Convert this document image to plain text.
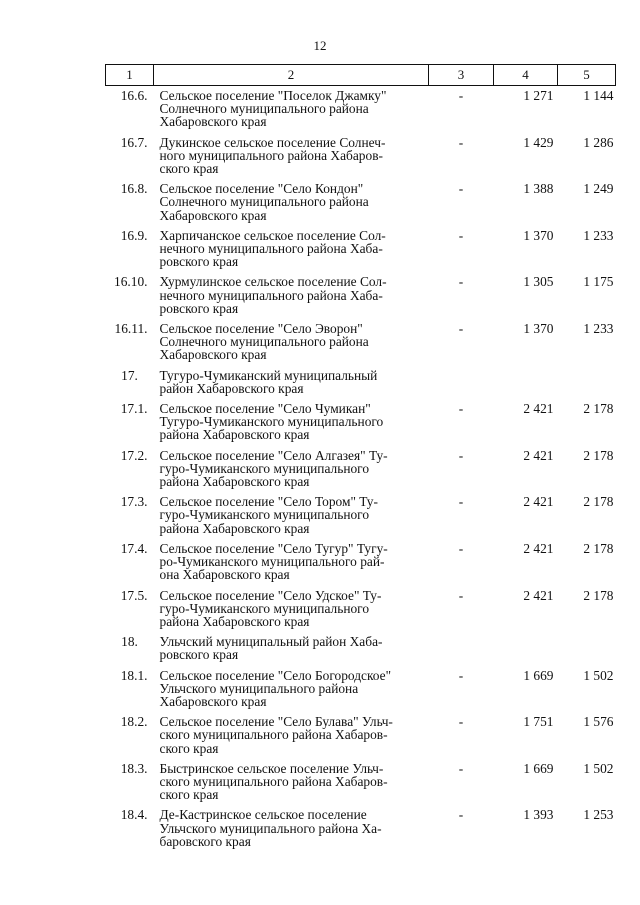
12
1	2	3	4	5
16.6.	Сельское поселение "Поселок Джамку"
Солнечного муниципального района
Хабаровского края	-	1 271	1 144
16.7.	Дукинское сельское поселение Солнеч-
ного муниципального района Хабаров-
ского края	-	1 429	1 286
16.8.	Сельское поселение "Село Кондон"
Солнечного муниципального района
Хабаровского края	-	1 388	1 249
16.9.	Харпичанское сельское поселение Сол-
нечного муниципального района Хаба-
ровского края	-	1 370	1 233
16.10.	Хурмулинское сельское поселение Сол-
нечного муниципального района Хаба-
ровского края	-	1 305	1 175
16.11.	Сельское поселение "Село Эворон"
Солнечного муниципального района
Хабаровского края	-	1 370	1 233
17.	Тугуро-Чумиканский муниципальный
район Хабаровского края			

17.1.	Сельское поселение "Село Чумикан"
Тугуро-Чумиканского муниципального
района Хабаровского края	-	2 421	2 178
17.2.	Сельское поселение "Село Алгазея" Ту-
гуро-Чумиканского муниципального
района Хабаровского края	-	2 421	2 178
17.3.	Сельское поселение "Село Тором" Ту-
гуро-Чумиканского муниципального
района Хабаровского края	-	2 421	2 178
17.4.	Сельское поселение "Село Тугур" Тугу-
ро-Чумиканского муниципального рай-
она Хабаровского края	-	2 421	2 178
17.5.	Сельское поселение "Село Удское" Ту-
гуро-Чумиканского муниципального
района Хабаровского края	-	2 421	2 178
18.	Ульчский муниципальный район Хаба-
ровского края			

18.1.	Сельское поселение "Село Богородское"
Ульчского муниципального района
Хабаровского края	-	1 669	1 502
18.2.	Сельское поселение "Село Булава" Ульч-
ского муниципального района Хабаров-
ского края	-	1 751	1 576
18.3.	Быстринское сельское поселение Ульч-
ского муниципального района Хабаров-
ского края	-	1 669	1 502
18.4.	Де-Кастринское сельское поселение
Ульчского муниципального района Ха-
баровского края	-	1 393	1 253
